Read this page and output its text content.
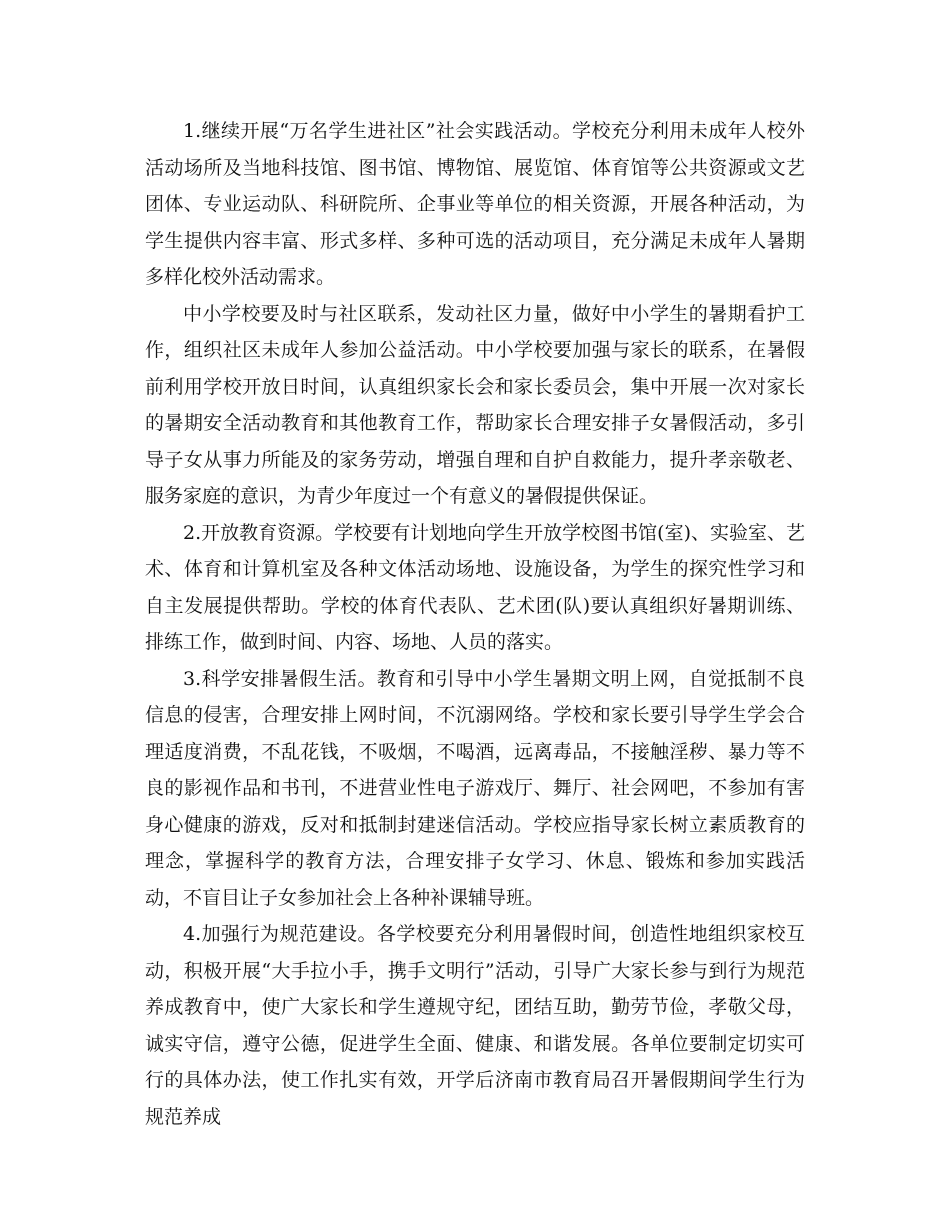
1.继续开展“万名学生进社区”社会实践活动。学校充分利用未成年人校外活动场所及当地科技馆、图书馆、博物馆、展览馆、体育馆等公共资源或文艺团体、专业运动队、科研院所、企事业等单位的相关资源，开展各种活动，为学生提供内容丰富、形式多样、多种可选的活动项目，充分满足未成年人暑期多样化校外活动需求。

中小学校要及时与社区联系，发动社区力量，做好中小学生的暑期看护工作，组织社区未成年人参加公益活动。中小学校要加强与家长的联系，在暑假前利用学校开放日时间，认真组织家长会和家长委员会，集中开展一次对家长的暑期安全活动教育和其他教育工作，帮助家长合理安排子女暑假活动，多引导子女从事力所能及的家务劳动，增强自理和自护自救能力，提升孝亲敬老、服务家庭的意识，为青少年度过一个有意义的暑假提供保证。

2.开放教育资源。学校要有计划地向学生开放学校图书馆(室)、实验室、艺术、体育和计算机室及各种文体活动场地、设施设备，为学生的探究性学习和自主发展提供帮助。学校的体育代表队、艺术团(队)要认真组织好暑期训练、排练工作，做到时间、内容、场地、人员的落实。

3.科学安排暑假生活。教育和引导中小学生暑期文明上网，自觉抵制不良信息的侵害，合理安排上网时间，不沉溺网络。学校和家长要引导学生学会合理适度消费，不乱花钱，不吸烟，不喝酒，远离毒品，不接触淫秽、暴力等不良的影视作品和书刊，不进营业性电子游戏厅、舞厅、社会网吧，不参加有害身心健康的游戏，反对和抵制封建迷信活动。学校应指导家长树立素质教育的理念，掌握科学的教育方法，合理安排子女学习、休息、锻炼和参加实践活动，不盲目让子女参加社会上各种补课辅导班。

4.加强行为规范建设。各学校要充分利用暑假时间，创造性地组织家校互动，积极开展“大手拉小手，携手文明行”活动，引导广大家长参与到行为规范养成教育中，使广大家长和学生遵规守纪，团结互助，勤劳节俭，孝敬父母，诚实守信，遵守公德，促进学生全面、健康、和谐发展。各单位要制定切实可行的具体办法，使工作扎实有效，开学后济南市教育局召开暑假期间学生行为规范养成
